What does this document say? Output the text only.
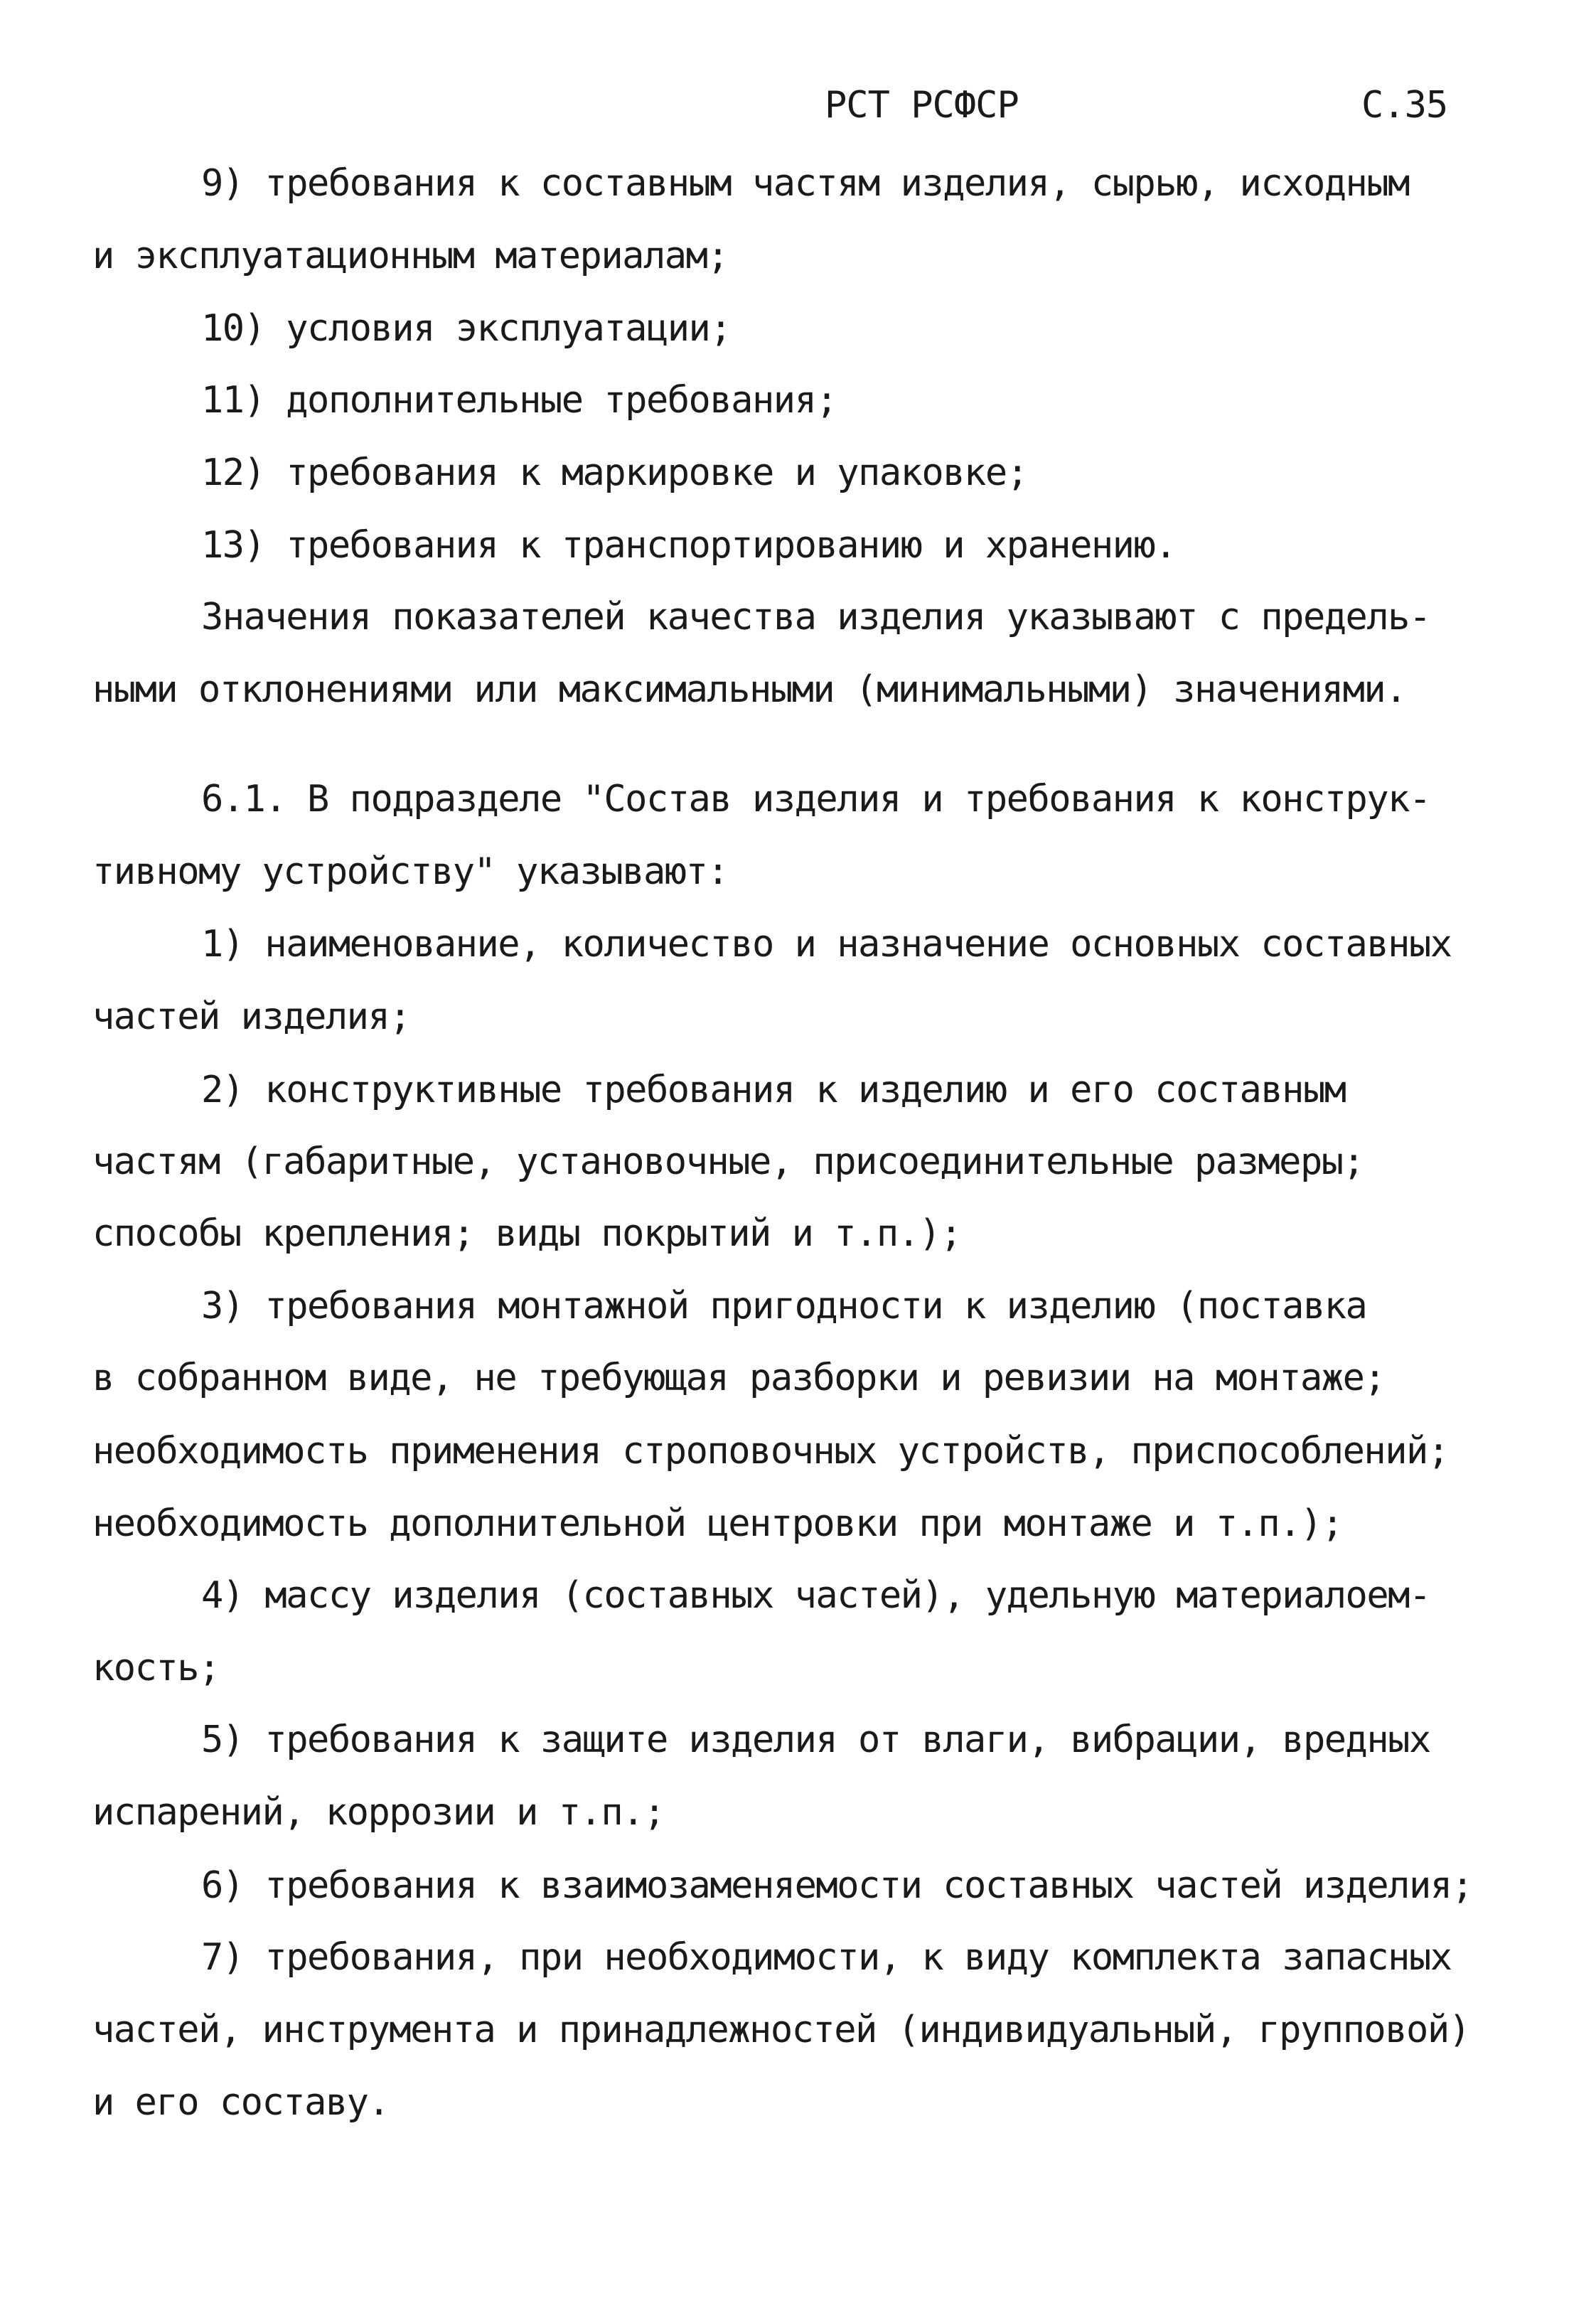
РСТ РСФСР	С.35
9) требования к составным частям изделия, сырью, исходным
и эксплуатационным материалам;
10) условия эксплуатации;
11) дополнительные требования;
12) требования к маркировке и упаковке;
13) требования к транспортированию и хранению.
Значения показателей качества изделия указывают с предель-
ными отклонениями или максимальными (минимальными) значениями.
6.1. В подразделе "Состав изделия и требования к конструк-
тивному устройству" указывают:
1) наименование, количество и назначение основных составных
частей изделия;
2) конструктивные требования к изделию и его составным
частям (габаритные, установочные, присоединительные размеры;
способы крепления; виды покрытий и т.п.);
3) требования монтажной пригодности к изделию (поставка
в собранном виде, не требующая разборки и ревизии на монтаже;
необходимость применения строповочных устройств, приспособлений;
необходимость дополнительной центровки при монтаже и т.п.);
4) массу изделия (составных частей), удельную материалоем-
кость;
5) требования к защите изделия от влаги, вибрации, вредных
испарений, коррозии и т.п.;
6) требования к взаимозаменяемости составных частей изделия;
7) требования, при необходимости, к виду комплекта запасных
частей, инструмента и принадлежностей (индивидуальный, групповой)
и его составу.
